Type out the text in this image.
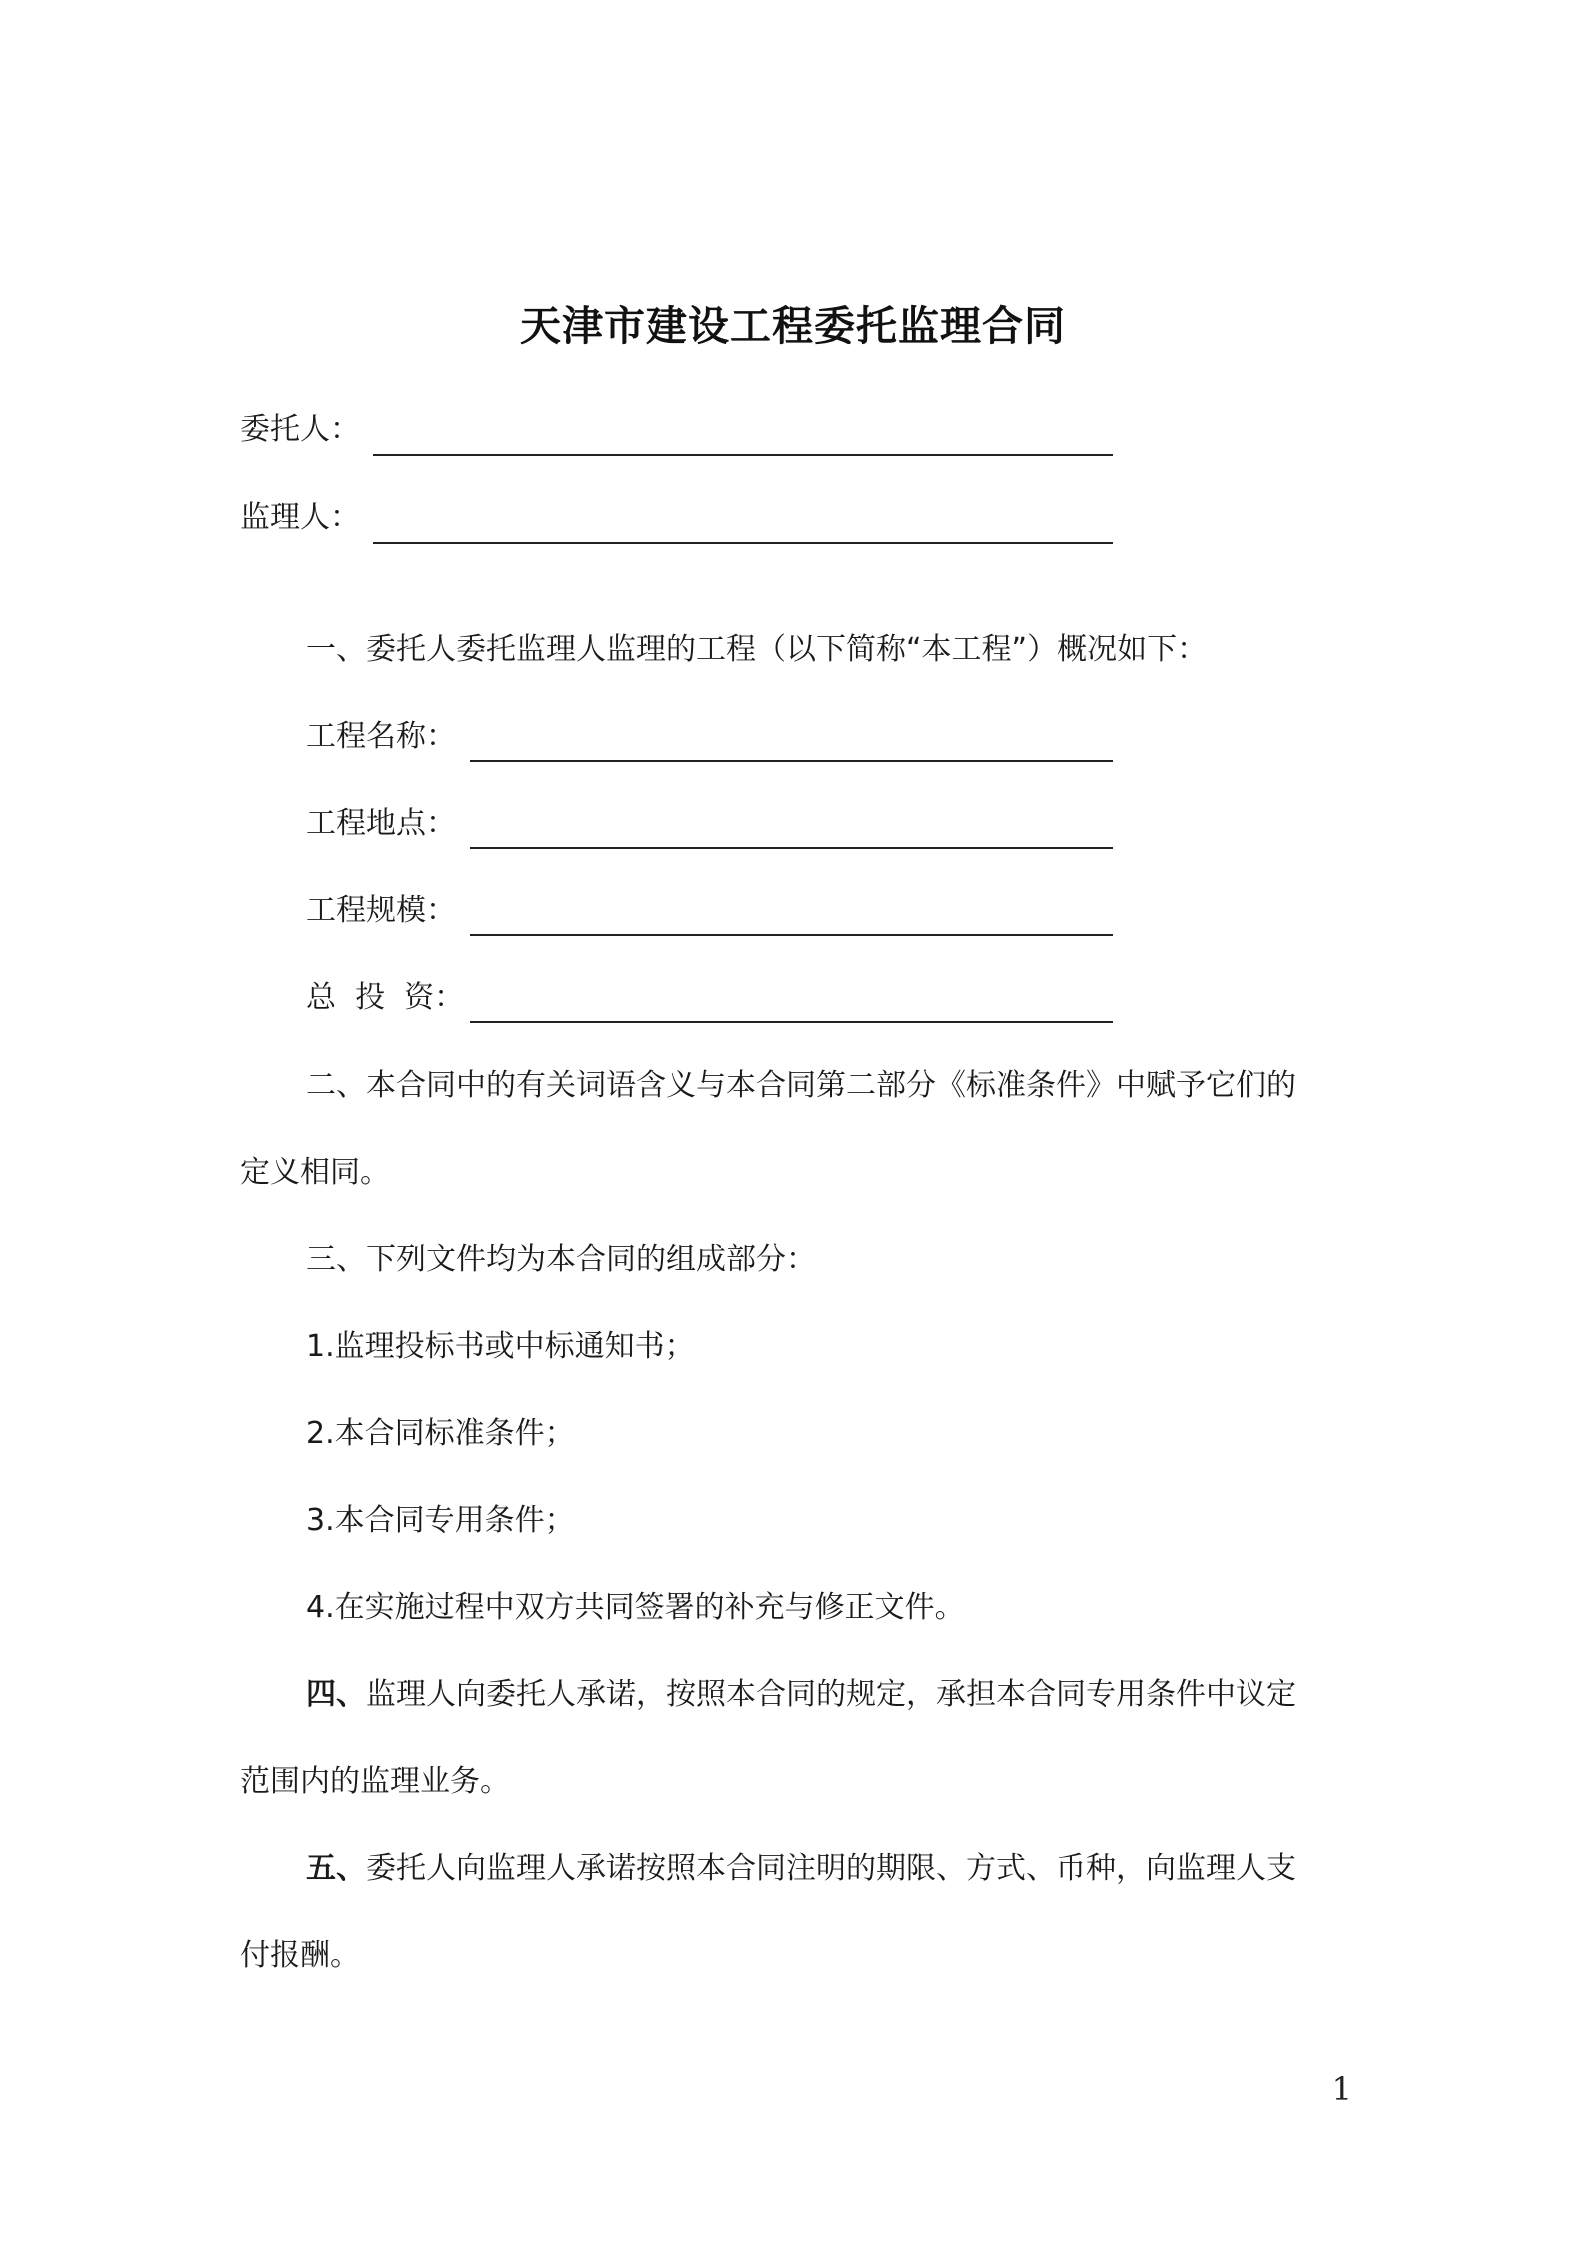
天津市建设工程委托监理合同
委托人：
监理人：
一、委托人委托监理人监理的工程（以下简称“本工程”）概况如下：
工程名称：
工程地点：
工程规模：
总  投  资：
二、本合同中的有关词语含义与本合同第二部分《标准条件》中赋予它们的
定义相同。
三、下列文件均为本合同的组成部分：
1.监理投标书或中标通知书；
2.本合同标准条件；
3.本合同专用条件；
4.在实施过程中双方共同签署的补充与修正文件。
四、监理人向委托人承诺，按照本合同的规定，承担本合同专用条件中议定
范围内的监理业务。
五、委托人向监理人承诺按照本合同注明的期限、方式、币种，向监理人支
付报酬。
1
